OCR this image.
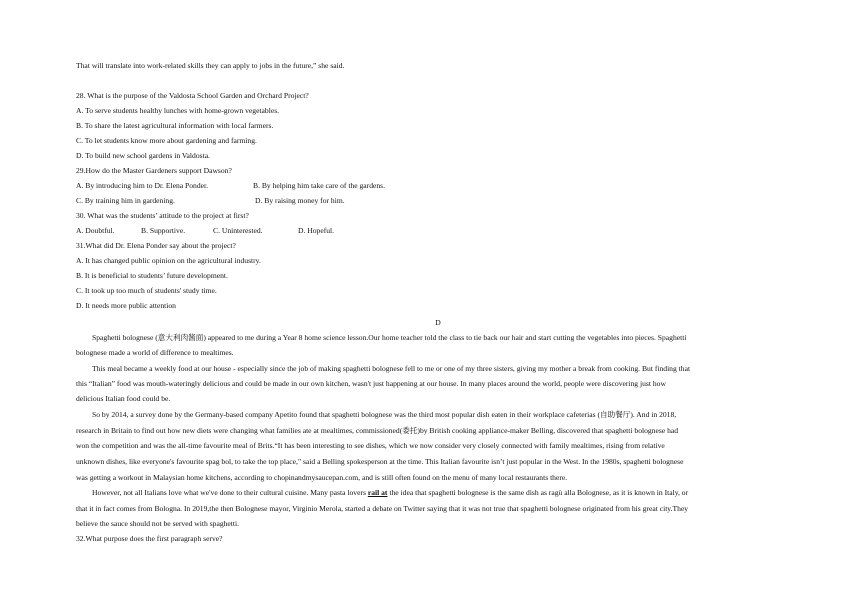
That will translate into work-related skills they can apply to jobs in the future,” she said.
28. What is the purpose of the Valdosta School Garden and Orchard Project?
A. To serve students healthy lunches with home-grown vegetables.
B. To share the latest agricultural information with local farmers.
C. To let students know more about gardening and farming.
D. To build new school gardens in Valdosta.
29.How do the Master Gardeners support Dawson?
A. By introducing him to Dr. Elena Ponder.	B. By helping him take care of the gardens.
C. By training him in gardening.	D. By raising money for him.
30. What was the students’ attitude to the project at first?
A. Doubtful.	B. Supportive.	C. Uninterested.	D. Hopeful.
31.What did Dr. Elena Ponder say about the project?
A. It has changed public opinion on the agricultural industry.
B. It is beneficial to students’ future development.
C. It took up too much of students' study time.
D. It needs more public attention
D
Spaghetti bolognese (意大利肉酱面) appeared to me during a Year 8 home science lesson.Our home teacher told the class to tie back our hair and start cutting the vegetables into pieces. Spaghetti
bolognese made a world of difference to mealtimes.
This meal became a weekly food at our house - especially since the job of making spaghetti bolognese fell to me or one of my three sisters, giving my mother a break from cooking. But finding that
this “Italian” food was mouth-wateringly delicious and could be made in our own kitchen, wasn't just happening at our house. In many places around the world, people were discovering just how
delicious Italian food could be.
So by 2014, a survey done by the Germany-based company Apetito found that spaghetti bolognese was the third most popular dish eaten in their workplace cafeterias (自助餐厅). And in 2018,
research in Britain to find out how new diets were changing what families ate at mealtimes, commissioned(委托)by British cooking appliance-maker Belling, discovered that spaghetti bolognese had
won the competition and was the all-time favourite meal of Brits.“It has been interesting to see dishes, which we now consider very closely connected with family mealtimes, rising from relative
unknown dishes, like everyone's favourite spag bol, to take the top place," said a Belling spokesperson at the time. This Italian favourite isn’t just popular in the West. In the 1980s, spaghetti bolognese
was getting a workout in Malaysian home kitchens, according to chopinandmysaucepan.com, and is still often found on the menu of many local restaurants there.
However, not all Italians love what we've done to their cultural cuisine. Many pasta lovers rail at the idea that spaghetti bolognese is the same dish as ragù alla Bolognese, as it is known in Italy, or
that it in fact comes from Bologna. In 2019,the then Bolognese mayor, Virginio Merola, started a debate on Twitter saying that it was not true that spaghetti bolognese originated from his great city.They
believe the sauce should not be served with spaghetti.
32.What purpose does the first paragraph serve?
